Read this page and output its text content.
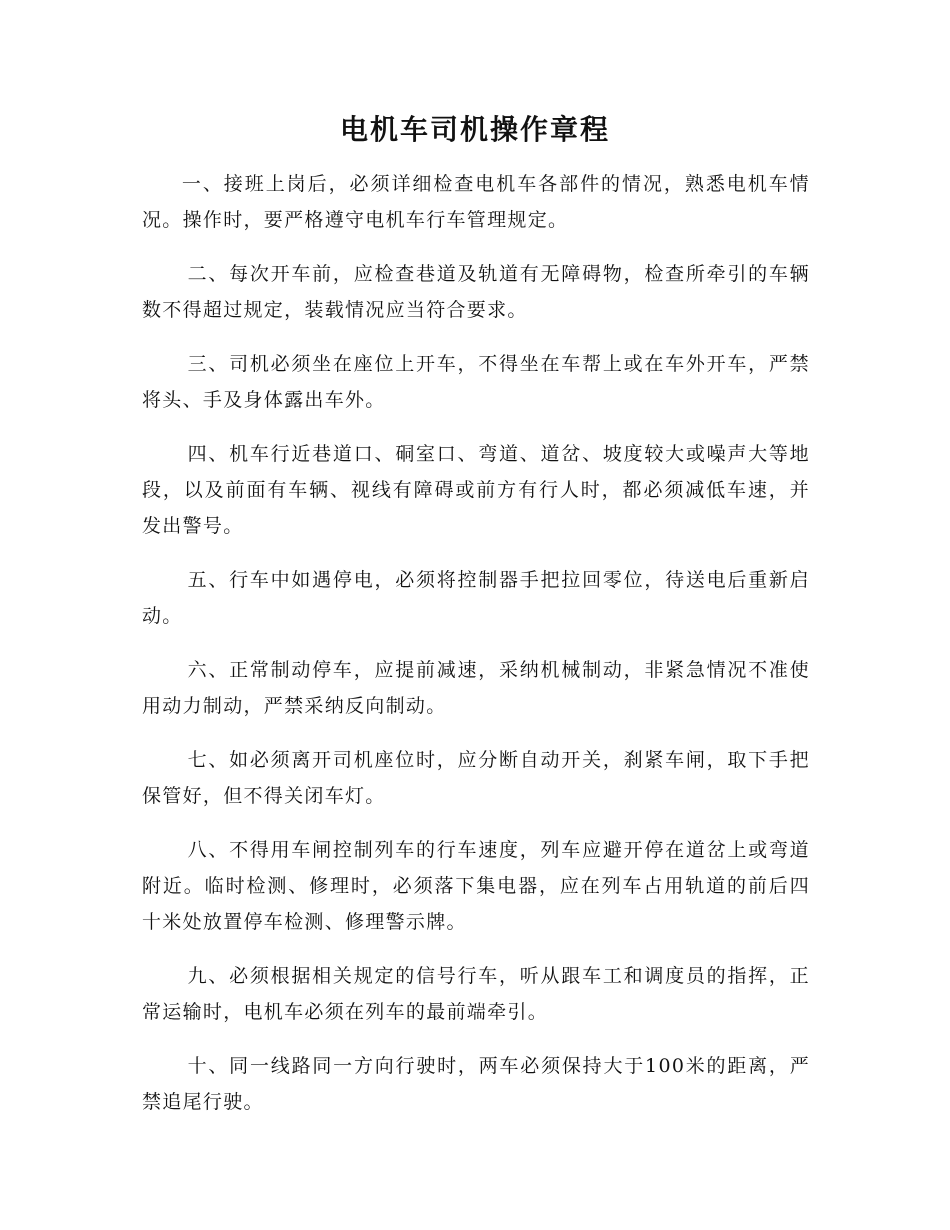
电机车司机操作章程

一、接班上岗后，必须详细检查电机车各部件的情况，熟悉电机车情况。操作时，要严格遵守电机车行车管理规定。

二、每次开车前，应检查巷道及轨道有无障碍物，检查所牵引的车辆数不得超过规定，装载情况应当符合要求。

三、司机必须坐在座位上开车，不得坐在车帮上或在车外开车，严禁将头、手及身体露出车外。

四、机车行近巷道口、硐室口、弯道、道岔、坡度较大或噪声大等地段，以及前面有车辆、视线有障碍或前方有行人时，都必须减低车速，并发出警号。

五、行车中如遇停电，必须将控制器手把拉回零位，待送电后重新启动。

六、正常制动停车，应提前减速，采纳机械制动，非紧急情况不准使用动力制动，严禁采纳反向制动。

七、如必须离开司机座位时，应分断自动开关，刹紧车闸，取下手把保管好，但不得关闭车灯。

八、不得用车闸控制列车的行车速度，列车应避开停在道岔上或弯道附近。临时检测、修理时，必须落下集电器，应在列车占用轨道的前后四十米处放置停车检测、修理警示牌。

九、必须根据相关规定的信号行车，听从跟车工和调度员的指挥，正常运输时，电机车必须在列车的最前端牵引。

十、同一线路同一方向行驶时，两车必须保持大于100米的距离，严禁追尾行驶。
